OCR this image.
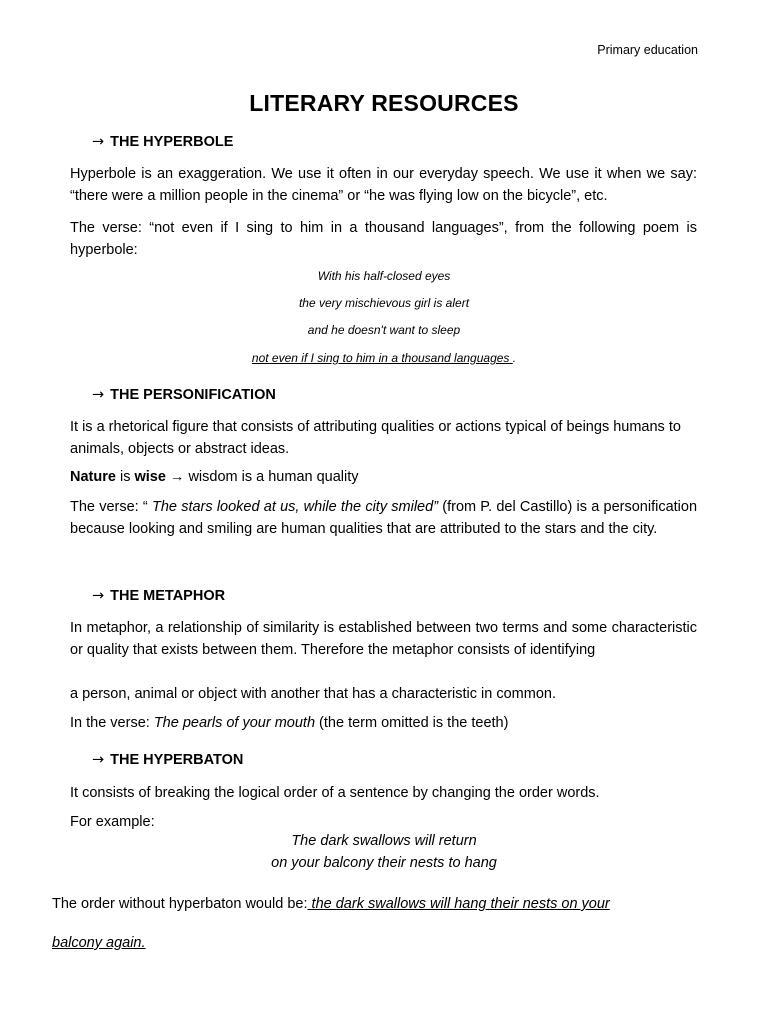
Primary education
LITERARY RESOURCES
→ THE HYPERBOLE
Hyperbole is an exaggeration. We use it often in our everyday speech. We use it when we say: “there were a million people in the cinema” or “he was flying low on the bicycle”, etc.
The verse: “not even if I sing to him in a thousand languages”, from the following poem is hyperbole:
With his half-closed eyes
the very mischievous girl is alert
and he doesn't want to sleep
not even if I sing to him in a thousand languages .
→ THE PERSONIFICATION
It is a rhetorical figure that consists of attributing qualities or actions typical of beings humans to animals, objects or abstract ideas.
Nature is wise → wisdom is a human quality
The verse: “ The stars looked at us, while the city smiled” (from P. del Castillo) is a personification because looking and smiling are human qualities that are attributed to the stars and the city.
→ THE METAPHOR
In metaphor, a relationship of similarity is established between two terms and some characteristic or quality that exists between them. Therefore the metaphor consists of identifying
a person, animal or object with another that has a characteristic in common.
In the verse: The pearls of your mouth (the term omitted is the teeth)
→ THE HYPERBATON
It consists of breaking the logical order of a sentence by changing the order words.
For example:
The dark swallows will return
on your balcony their nests to hang
The order without hyperbaton would be: the dark swallows will hang their nests on your
balcony again.
